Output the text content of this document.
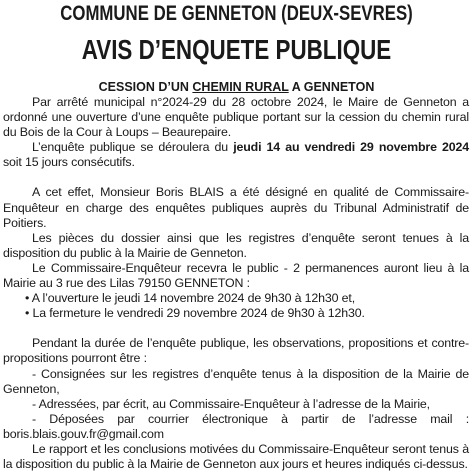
COMMUNE DE GENNETON (DEUX-SEVRES)
AVIS D’ENQUETE PUBLIQUE
CESSION D’UN CHEMIN RURAL A GENNETON

Par arrêté municipal n°2024-29 du 28 octobre 2024, le Maire de Genneton a ordonné une ouverture d’une enquête publique portant sur la cession du chemin rural du Bois de la Cour à Loups – Beaurepaire.

L’enquête publique se déroulera du jeudi 14 au vendredi 29 novembre 2024 soit 15 jours consécutifs.

A cet effet, Monsieur Boris BLAIS a été désigné en qualité de Commissaire-Enquêteur en charge des enquêtes publiques auprès du Tribunal Administratif de Poitiers.

Les pièces du dossier ainsi que les registres d’enquête seront tenues à la disposition du public à la Mairie de Genneton.

Le Commissaire-Enquêteur recevra le public - 2 permanences auront lieu à la Mairie au 3 rue des Lilas 79150 GENNETON :

• A l’ouverture le jeudi 14 novembre 2024 de 9h30 à 12h30 et,

• La fermeture le vendredi 29 novembre 2024 de 9h30 à 12h30.

Pendant la durée de l’enquête publique, les observations, propositions et contre-propositions pourront être :

- Consignées sur les registres d’enquête tenus à la disposition de la Mairie de Genneton,

- Adressées, par écrit, au Commissaire-Enquêteur à l’adresse de la Mairie,

- Déposées par courrier électronique à partir de l’adresse mail : boris.blais.gouv.fr@gmail.com

Le rapport et les conclusions motivées du Commissaire-Enquêteur seront tenus à la disposition du public à la Mairie de Genneton aux jours et heures indiqués ci-dessus.
